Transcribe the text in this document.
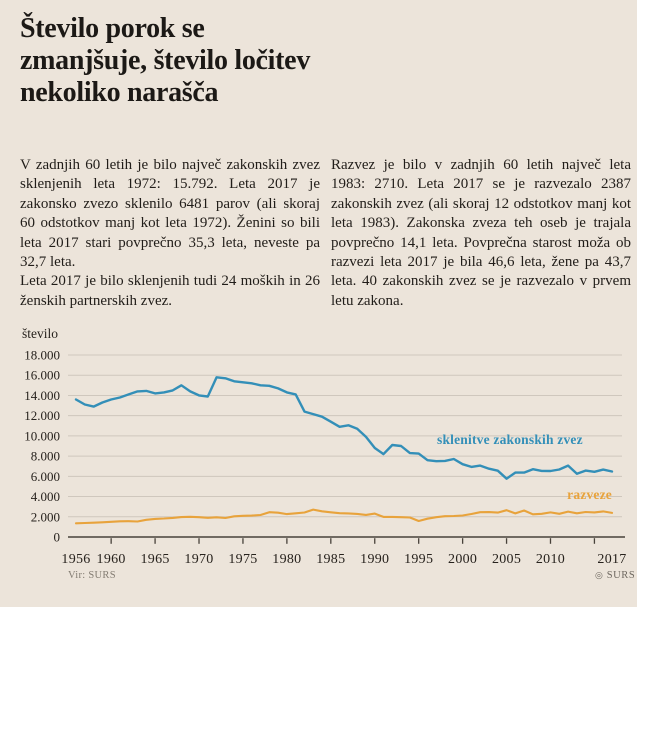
Število porok se
zmanjšuje, število ločitev
nekoliko narašča

V zadnjih 60 letih je bilo največ zakonskih zvez sklenjenih leta 1972: 15.792. Leta 2017 je zakonsko zvezo sklenilo 6481 parov (ali skoraj 60 odstotkov manj kot leta 1972). Ženini so bili leta 2017 stari povprečno 35,3 leta, neveste pa 32,7 leta.

Leta 2017 je bilo sklenjenih tudi 24 moških in 26 ženskih partnerskih zvez.

Razvez je bilo v zadnjih 60 letih največ leta 1983: 2710. Leta 2017 se je razvezalo 2387 zakonskih zvez (ali skoraj 12 odstotkov manj kot leta 1983). Zakonska zveza teh oseb je trajala povprečno 14,1 leta. Povprečna starost moža ob razvezi leta 2017 je bila 46,6 leta, žene pa 43,7 leta. 40 zakonskih zvez se je razvezalo v prvem letu zakona.

18.000
16.000
14.000
12.000
10.000
8.000
6.000
4.000
2.000
0
1956 1960 1965 1970 1975 1980 1985 1990 1995 2000 2005 2010 2017
število
sklenitve zakonskih zvez
razveze
Vir: SURS	◎ SURS
